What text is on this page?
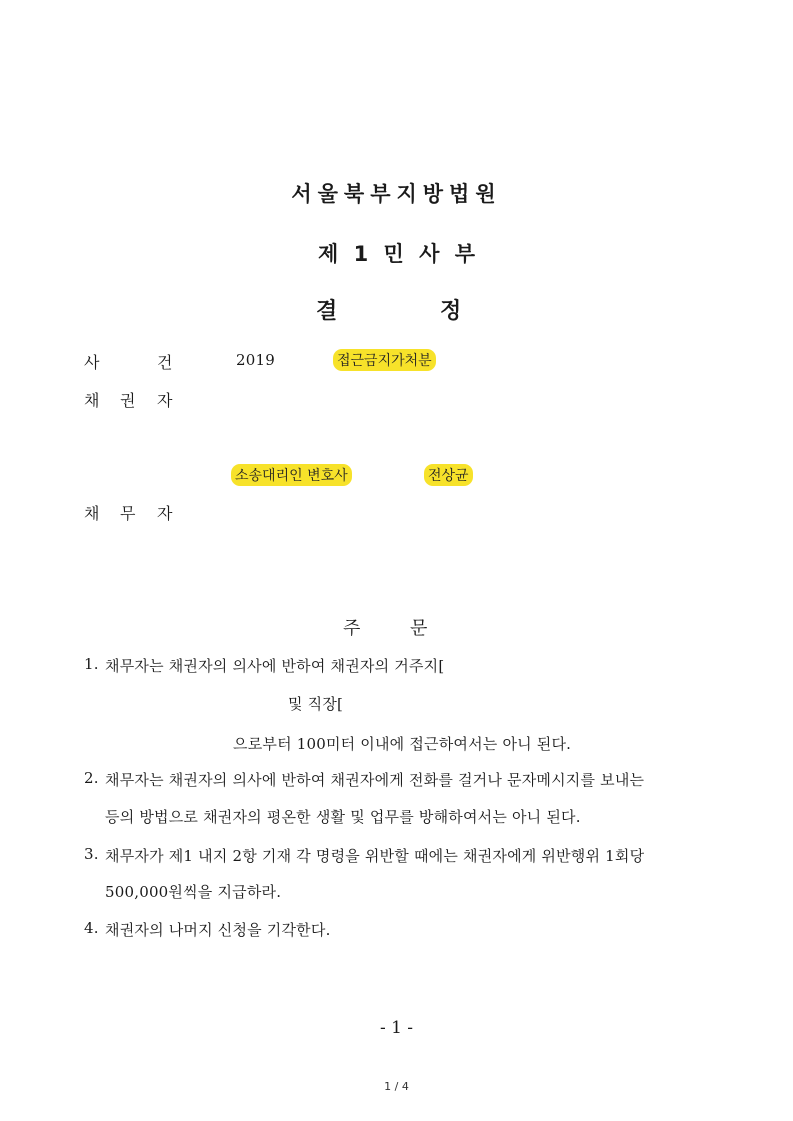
서울북부지방법원
제 1 민 사 부
결	정
사	건	2019	접근금지가처분
채 권 자
소송대리인 변호사	전상균
채 무 자
주	문
1. 채무자는 채권자의 의사에 반하여 채권자의 거주지[
및 직장[
으로부터 100미터 이내에 접근하여서는 아니 된다.
2. 채무자는 채권자의 의사에 반하여 채권자에게 전화를 걸거나 문자메시지를 보내는
등의 방법으로 채권자의 평온한 생활 및 업무를 방해하여서는 아니 된다.
3. 채무자가 제1 내지 2항 기재 각 명령을 위반할 때에는 채권자에게 위반행위 1회당
500,000원씩을 지급하라.
4. 채권자의 나머지 신청을 기각한다.
- 1 -
1 / 4
